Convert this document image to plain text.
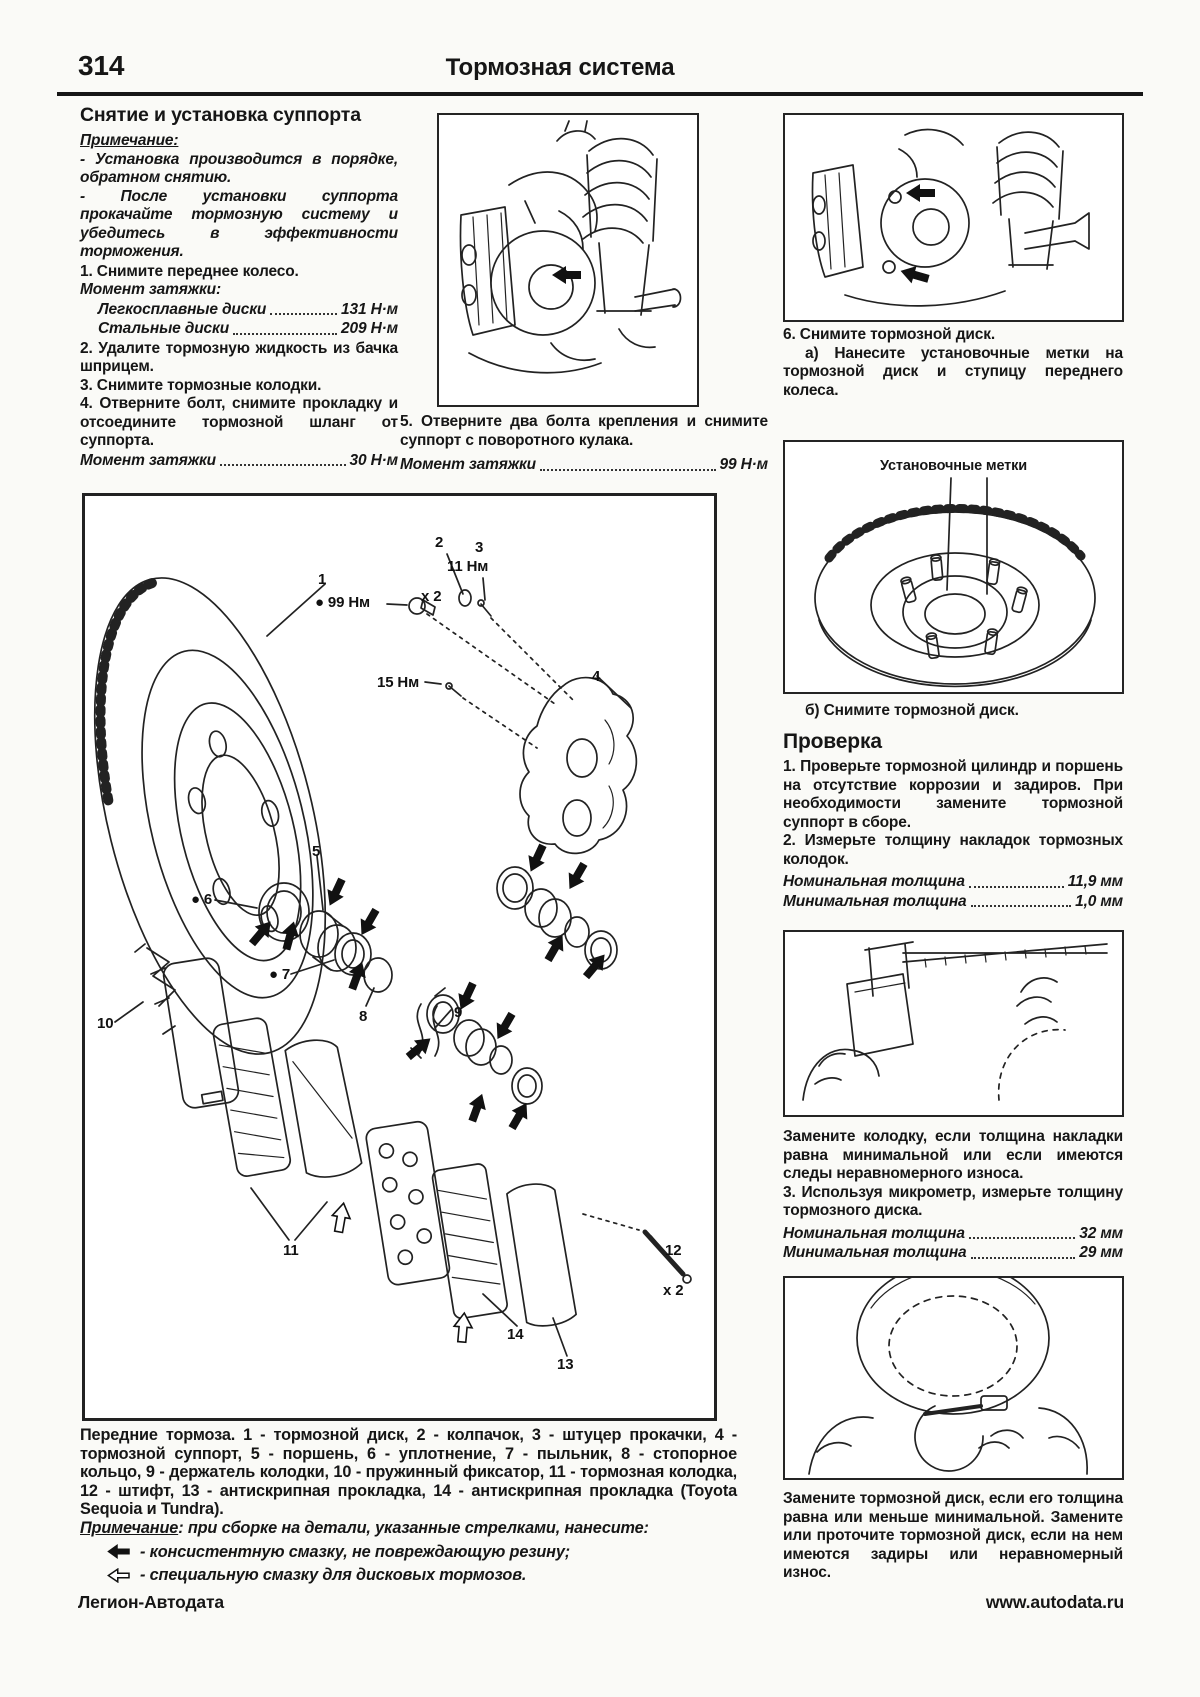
314	Тормозная система

Снятие и установка суппорта

Примечание:

- Установка производится в порядке, обратном снятию.

- После установки суппорта прокачайте тормозную систему и убедитесь в эффективности торможения.

1. Снимите переднее колесо.

Момент затяжки:

Легкосплавные диски	131 Н·м
Стальные диски	209 Н·м

2. Удалите тормозную жидкость из бачка шприцем.

3. Снимите тормозные колодки.

4. Отверните болт, снимите прокладку и отсоедините тормозной шланг от суппорта.

Момент затяжки	30 Н·м

5. Отверните два болта крепления и снимите суппорт с поворотного кулака.

Момент затяжки	99 Н·м

6. Снимите тормозной диск.

а) Нанесите установочные метки на тормозной диск и ступицу переднего колеса.

Установочные метки

б) Снимите тормозной диск.

Проверка

1. Проверьте тормозной цилиндр и поршень на отсутствие коррозии и задиров. При необходимости замените тормозной суппорт в сборе.

2. Измерьте толщину накладок тормозных колодок.

Номинальная толщина	11,9 мм
Минимальная толщина	1,0 мм

Замените колодку, если толщина накладки равна минимальной или если имеются следы неравномерного износа.

3. Используя микрометр, измерьте толщину тормозного диска.

Номинальная толщина	32 мм
Минимальная толщина	29 мм

Замените тормозной диск, если его толщина равна или меньше минимальной. Замените или проточите тормозной диск, если на нем имеются задиры или неравномерный износ.

1
2 3
11 Нм
● 99 Нм	x 2
15 Нм	4
5
● 6
● 7
8	9
10
11	12
x 2
14
13

Передние тормоза. 1 - тормозной диск, 2 - колпачок, 3 - штуцер прокачки, 4 - тормозной суппорт, 5 - поршень, 6 - уплотнение, 7 - пыльник, 8 - стопорное кольцо, 9 - держатель колодки, 10 - пружинный фиксатор, 11 - тормозная колодка, 12 - штифт, 13 - антискрипная прокладка, 14 - антискрипная прокладка (Toyota Sequoia и Tundra).

Примечание: при сборке на детали, указанные стрелками, нанесите:

- консистентную смазку, не повреждающую резину;
- специальную смазку для дисковых тормозов.
Легион-Автодата	www.autodata.ru
